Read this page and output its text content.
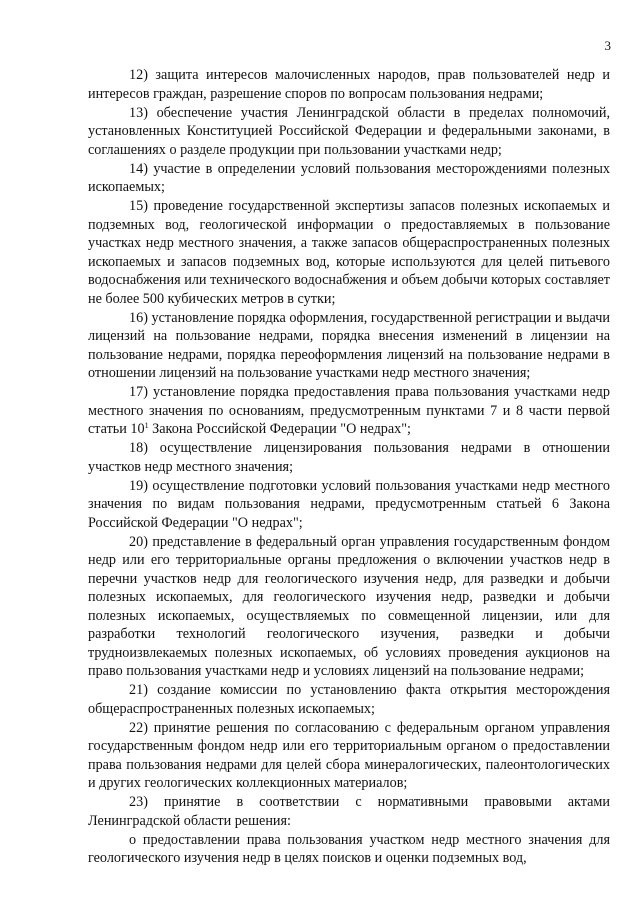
3

12) защита интересов малочисленных народов, прав пользователей недр и интересов граждан, разрешение споров по вопросам пользования недрами;

13) обеспечение участия Ленинградской области в пределах полномочий, установленных Конституцией Российской Федерации и федеральными законами, в соглашениях о разделе продукции при пользовании участками недр;

14) участие в определении условий пользования месторождениями полезных ископаемых;

15) проведение государственной экспертизы запасов полезных ископаемых и подземных вод, геологической информации о предоставляемых в пользование участках недр местного значения, а также запасов общераспространенных полезных ископаемых и запасов подземных вод, которые используются для целей питьевого водоснабжения или технического водоснабжения и объем добычи которых составляет не более 500 кубических метров в сутки;

16) установление порядка оформления, государственной регистрации и выдачи лицензий на пользование недрами, порядка внесения изменений в лицензии на пользование недрами, порядка переоформления лицензий на пользование недрами в отношении лицензий на пользование участками недр местного значения;

17) установление порядка предоставления права пользования участками недр местного значения по основаниям, предусмотренным пунктами 7 и 8 части первой статьи $10^1$ Закона Российской Федерации "О недрах";

18) осуществление лицензирования пользования недрами в отношении участков недр местного значения;

19) осуществление подготовки условий пользования участками недр местного значения по видам пользования недрами, предусмотренным статьей 6 Закона Российской Федерации "О недрах";

20) представление в федеральный орган управления государственным фондом недр или его территориальные органы предложения о включении участков недр в перечни участков недр для геологического изучения недр, для разведки и добычи полезных ископаемых, для геологического изучения недр, разведки и добычи полезных ископаемых, осуществляемых по совмещенной лицензии, или для разработки технологий геологического изучения, разведки и добычи трудноизвлекаемых полезных ископаемых, об условиях проведения аукционов на право пользования участками недр и условиях лицензий на пользование недрами;

21) создание комиссии по установлению факта открытия месторождения общераспространенных полезных ископаемых;

22) принятие решения по согласованию с федеральным органом управления государственным фондом недр или его территориальным органом о предоставлении права пользования недрами для целей сбора минералогических, палеонтологических и других геологических коллекционных материалов;

23) принятие в соответствии с нормативными правовыми актами Ленинградской области решения:

о предоставлении права пользования участком недр местного значения для геологического изучения недр в целях поисков и оценки подземных вод,
